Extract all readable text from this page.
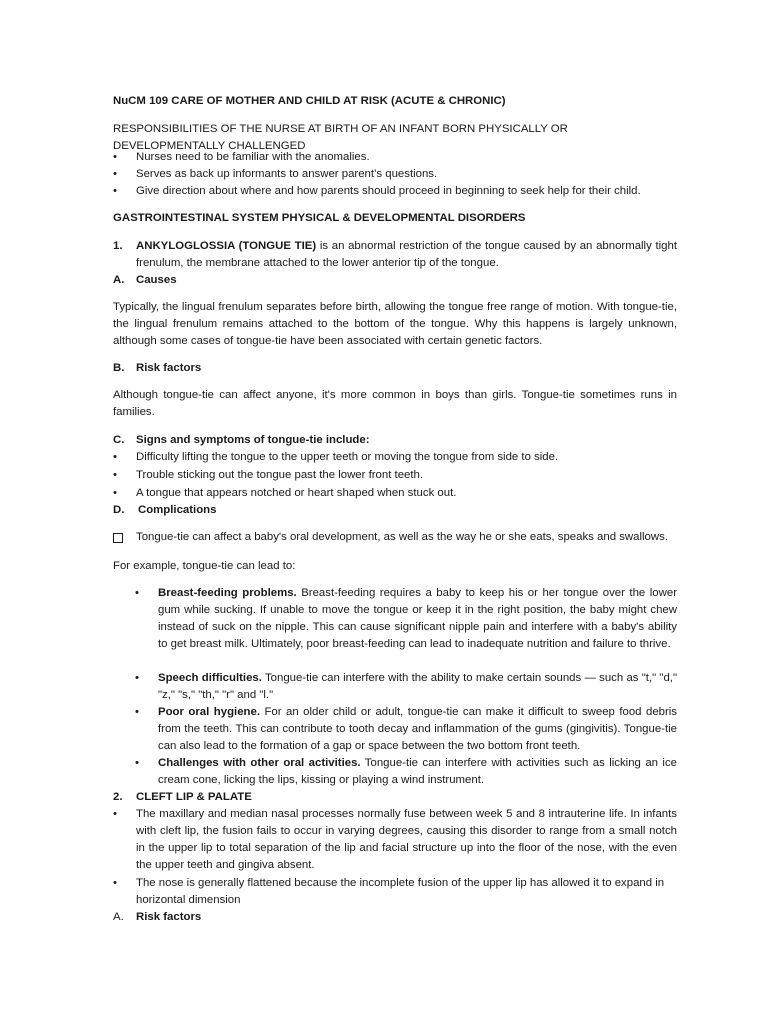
NuCM 109 CARE OF MOTHER AND CHILD AT RISK (ACUTE & CHRONIC)
RESPONSIBILITIES OF THE NURSE AT BIRTH OF AN INFANT BORN PHYSICALLY OR DEVELOPMENTALLY CHALLENGED
•	Nurses need to be familiar with the anomalies.
•	Serves as back up informants to answer parent’s questions.
•	Give direction about where and how parents should proceed in beginning to seek help for their child.
GASTROINTESTINAL SYSTEM PHYSICAL & DEVELOPMENTAL DISORDERS
1.	ANKYLOGLOSSIA (TONGUE TIE) is an abnormal restriction of the tongue caused by an abnormally tight frenulum, the membrane attached to the lower anterior tip of the tongue.
A.	Causes
Typically, the lingual frenulum separates before birth, allowing the tongue free range of motion. With tongue-tie, the lingual frenulum remains attached to the bottom of the tongue. Why this happens is largely unknown, although some cases of tongue-tie have been associated with certain genetic factors.
B.	Risk factors
Although tongue-tie can affect anyone, it's more common in boys than girls. Tongue-tie sometimes runs in families.
C.	Signs and symptoms of tongue-tie include:
•	Difficulty lifting the tongue to the upper teeth or moving the tongue from side to side.
•	Trouble sticking out the tongue past the lower front teeth.
•	A tongue that appears notched or heart shaped when stuck out.
D.	Complications
Tongue-tie can affect a baby's oral development, as well as the way he or she eats, speaks and swallows.
For example, tongue-tie can lead to:
•	Breast-feeding problems. Breast-feeding requires a baby to keep his or her tongue over the lower gum while sucking. If unable to move the tongue or keep it in the right position, the baby might chew instead of suck on the nipple. This can cause significant nipple pain and interfere with a baby's ability to get breast milk. Ultimately, poor breast-feeding can lead to inadequate nutrition and failure to thrive.
•	Speech difficulties. Tongue-tie can interfere with the ability to make certain sounds — such as "t," "d," "z," "s," "th," "r" and "l."
•	Poor oral hygiene. For an older child or adult, tongue-tie can make it difficult to sweep food debris from the teeth. This can contribute to tooth decay and inflammation of the gums (gingivitis). Tongue-tie can also lead to the formation of a gap or space between the two bottom front teeth.
•	Challenges with other oral activities. Tongue-tie can interfere with activities such as licking an ice cream cone, licking the lips, kissing or playing a wind instrument.
2.	CLEFT LIP & PALATE
•	The maxillary and median nasal processes normally fuse between week 5 and 8 intrauterine life. In infants with cleft lip, the fusion fails to occur in varying degrees, causing this disorder to range from a small notch in the upper lip to total separation of the lip and facial structure up into the floor of the nose, with the even the upper teeth and gingiva absent.
•	The nose is generally flattened because the incomplete fusion of the upper lip has allowed it to expand in horizontal dimension
A.	Risk factors
